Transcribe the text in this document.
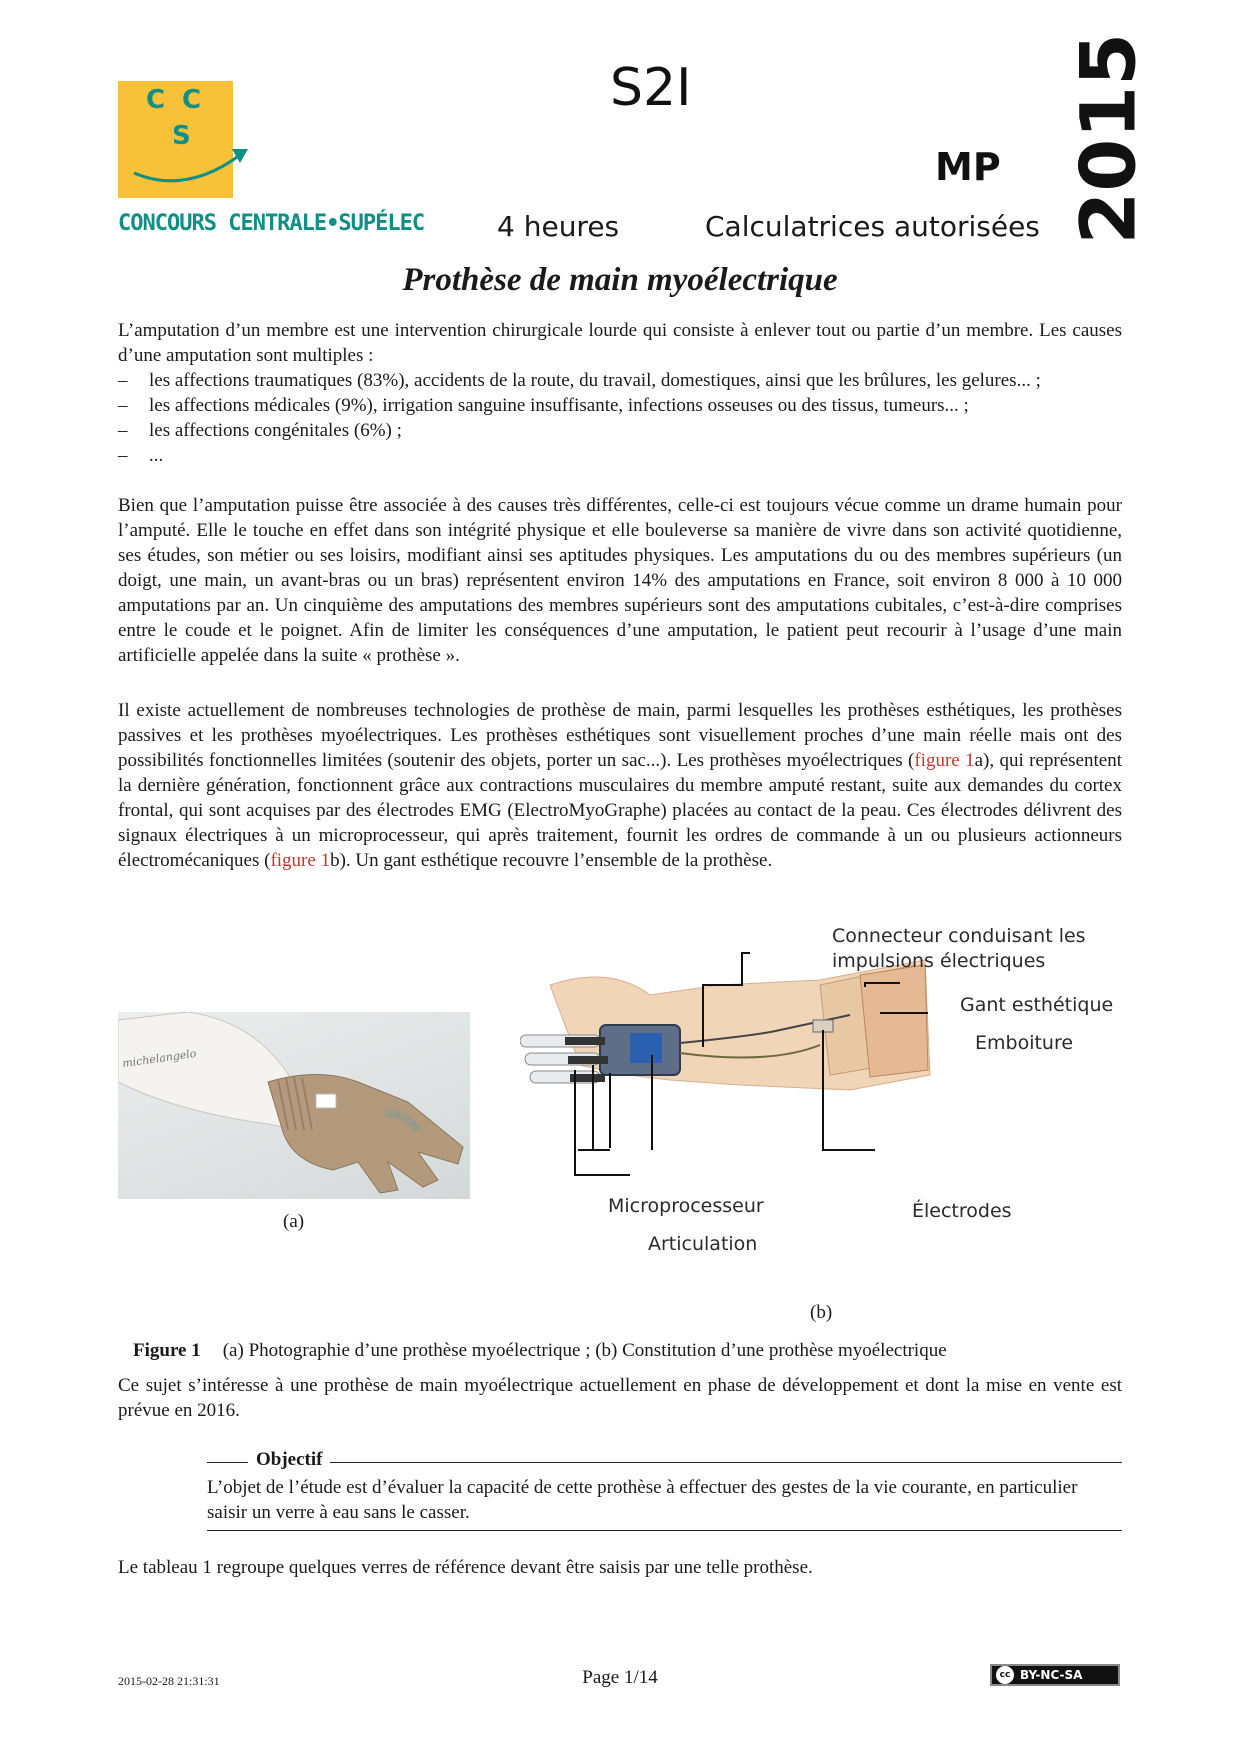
C C
S
CONCOURS CENTRALE•SUPÉLEC
S2I
MP 2015
4 heures	Calculatrices autorisées
Prothèse de main myoélectrique

L’amputation d’un membre est une intervention chirurgicale lourde qui consiste à enlever tout ou partie d’un membre. Les causes d’une amputation sont multiples :

– les affections traumatiques (83%), accidents de la route, du travail, domestiques, ainsi que les brûlures, les gelures... ;
– les affections médicales (9%), irrigation sanguine insuffisante, infections osseuses ou des tissus, tumeurs... ;
– les affections congénitales (6%) ;
– ...

Bien que l’amputation puisse être associée à des causes très différentes, celle-ci est toujours vécue comme un drame humain pour l’amputé. Elle le touche en effet dans son intégrité physique et elle bouleverse sa manière de vivre dans son activité quotidienne, ses études, son métier ou ses loisirs, modifiant ainsi ses aptitudes physiques. Les amputations du ou des membres supérieurs (un doigt, une main, un avant-bras ou un bras) représentent environ 14% des amputations en France, soit environ 8 000 à 10 000 amputations par an. Un cinquième des amputations des membres supérieurs sont des amputations cubitales, c’est-à-dire comprises entre le coude et le poignet. Afin de limiter les conséquences d’une amputation, le patient peut recourir à l’usage d’une main artificielle appelée dans la suite « prothèse ».

Il existe actuellement de nombreuses technologies de prothèse de main, parmi lesquelles les prothèses esthétiques, les prothèses passives et les prothèses myoélectriques. Les prothèses esthétiques sont visuellement proches d’une main réelle mais ont des possibilités fonctionnelles limitées (soutenir des objets, porter un sac...). Les prothèses myoélectriques (figure 1a), qui représentent la dernière génération, fonctionnent grâce aux contractions musculaires du membre amputé restant, suite aux demandes du cortex frontal, qui sont acquises par des électrodes EMG (ElectroMyoGraphe) placées au contact de la peau. Ces électrodes délivrent des signaux électriques à un microprocesseur, qui après traitement, fournit les ordres de commande à un ou plusieurs actionneurs électromécaniques (figure 1b). Un gant esthétique recouvre l’ensemble de la prothèse.

michelangelo
(a)
Connecteur conduisant les
impulsions électriques
Gant esthétique
Emboiture
Microprocesseur
Articulation
Électrodes
(b)
Figure 1 (a) Photographie d’une prothèse myoélectrique ; (b) Constitution d’une prothèse myoélectrique

Ce sujet s’intéresse à une prothèse de main myoélectrique actuellement en phase de développement et dont la mise en vente est prévue en 2016.

Objectif
L’objet de l’étude est d’évaluer la capacité de cette prothèse à effectuer des gestes de la vie courante, en particulier saisir un verre à eau sans le casser.

Le tableau 1 regroupe quelques verres de référence devant être saisis par une telle prothèse.

2015-02-28 21:31:31	Page 1/14	cc BY-NC-SA
